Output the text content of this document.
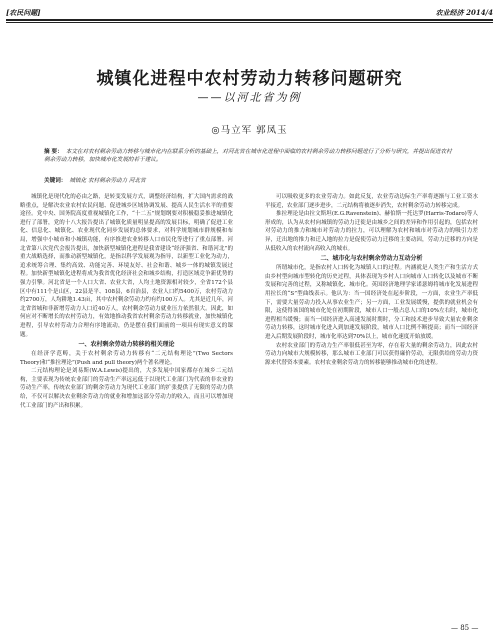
[农民问题]	农业经济 2014/4
城镇化进程中农村劳动力转移问题研究
——以河北省为例
◎马立军 郭凤玉
摘 要： 本文在对农村剩余劳动力转移与城市化内在联系分析的基础上，对河北省在城市化进程中面临的农村剩余劳动力转移问题进行了分析与研究，并提出促进农村剩余劳动力转移，加快城市化发展的若干建议。
关键词： 城镇化 农村剩余劳动力 河北省

城镇化是现代化的必由之路，是转变发展方式，调整经济结构，扩大国内需求的战略重点，是解决农业农村农民问题、促进城乡区域协调发展、提高人民生活水平的重要途径。党中央、国务院高度重视城镇化工作，“十二五”规划纲要对积极稳妥推进城镇化进行了部署，党的十八大报告提出了城镇化质量明显提高的发展目标，明确了促进工业化、信息化、城镇化、农业现代化同步发展的总体要求，对科学规划城市群规模和布局，增强中小城市和小城镇功能，有序推进农业转移人口市民化等进行了重点部署。河北省第八次党代会报告提出，加快新型城镇化进程是我省建设“经济强省、和谐河北”的重大战略选择，而推动新型城镇化，是指以科学发展观为指导，以新型工业化为动力，追求统筹合理、集约高效、功能完善、环境友好、社会和谐、城乡一体的城镇发展过程。加快新型城镇化进程将成为我省优化经济社会和城乡结构，打造区域竞争新优势的强力引擎。河北省是一个人口大省、农业大省，人均土地资源相对较少，全省172个县区中有111个是山区，22县是平、108县，6自治县，农业人口约5400万，农村劳动力约2700万，人均耕地1.43亩，其中农村剩余劳动力约有约100万人。尤其是近几年，河北省省城和非新增劳动力人口近40万人，农村剩余劳动力就业压力依然很大。因此，如何应对不断增长的农村劳动力，有效地推动我省农村剩余劳动力转移就业，加快城镇化进程，引导农村劳动力合理有序地流动，仍是摆在我们面前的一项具有现实意义的课题。

一、农村剩余劳动力转移的相关理论

在经济学范畴，关于农村剩余劳动力转移有“二元结构理论”(Two Sectors Theory)和“推拉理论”(Push and pull theory)两个著名理论。

二元结构理论是刘易斯(W.A.Lewis)提出的，大多发展中国家都存在城乡二元结构，主要表现为传统农业部门的劳动生产率远远低于以现代工业部门为代表的非农业的劳动生产率，传统农业部门的剩余劳动力为现代工业部门的扩张提供了无限的劳动力供给，不仅可以解决农业剩余劳动力的就业和增加这部分劳动力的收入，而且可以增加现代工业部门的产出和积累。

可以吸收更多的农业劳动力。如此反复，农业劳动边际生产率将逐渐与工业工资水平接近，农业部门逐步进步，二元结构将被逐步消失，农村剩余劳动力转移完成。

推拉理论是由拉文斯坦(E.G.Ravenstein)、赫伯斯一托达罗(Harris-Todaro)等人形成的，认为从农村向城镇的劳动力迁徙是由城乡之间的差异和作用引起的，包括农村对劳动力的推力和城市对劳动力的拉力，可以理解为农村和城市对劳动力的吸引力差异，迁出地的推力和迁入地的拉力是促使劳动力迁移的主要动因，劳动力迁移的方向是从低收入的农村流向高收入的城市。

二、城市化与农村剩余劳动力互动分析

所谓城市化，是指农村人口转化为城镇人口的过程。内涵就是人类生产和生活方式由乡村型向城市型转化的历史过程，具体表现为乡村人口向城市人口转化以及城市不断发展和完善的过程，又称城镇化、城市化。英国经济地理学家诺瑟姆将城市化发展进程用拉长的“S”型曲线表示。他认为：当一国经济处在起步阶段，一方面，农业生产率低下，需要大量劳动力投入从事农业生产；另一方面，工业发展缓慢，提供的就业机会有限，这使得该国的城市化处在初期阶段，城市人口一般占总人口的10%左右时，城市化进程相当缓慢；而当一国经济进入高速发展时期时，分工和技术进步导致大量农业剩余劳动力转移，这时城市化进入到加速发展阶段，城市人口比例不断提高；而当一国经济进入后期发展阶段时，城市化率达到70%以上，城市化速度开始放缓。

农村农业部门的劳动力生产率很低甚至为零，存在着大量的剩余劳动力，因此农村劳动力向城市大规模转移，那么城市工业部门可以获得廉价劳动，无限供给的劳动力资源来代替资本要素。农村农业剩余劳动力的转移能够推动城市化的进程。

— 85 —
